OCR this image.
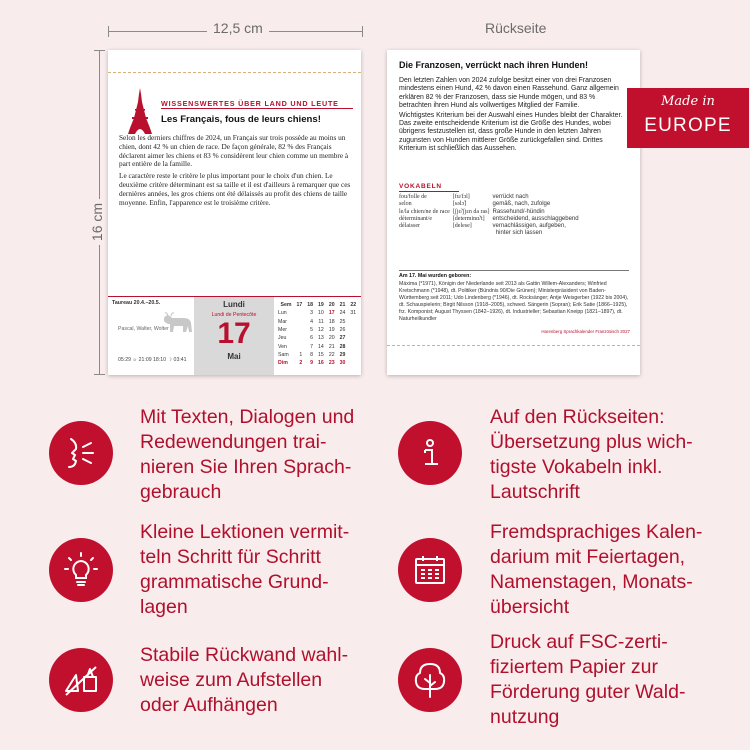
12,5 cm
16 cm
Rückseite
WISSENSWERTES ÜBER LAND UND LEUTE
Les Français, fous de leurs chiens!

Selon les derniers chiffres de 2024, un Français sur trois possède au moins un chien, dont 42 % un chien de race. De façon générale, 82 % des Français déclarent aimer les chiens et 83 % considèrent leur chien comme un membre à part entière de la famille.

Le caractère reste le critère le plus important pour le choix d'un chien. Le deuxième critère déterminant est sa taille et il est d'ailleurs à remarquer que ces dernières années, les gros chiens ont été délaissés au profit des chiens de taille moyenne. Enfin, l'apparence est le troisième critère.

Taureau 20.4.–20.5.
Pascal, Walter, Wolter
05:29 ☼ 21:09 18:10 ☽ 03:41
Lundi
Lundi de Pentecôte
17
Mai
Sem	17	18	19	20	21	22
Lun		3	10	17	24	31
Mar		4	11	18	25	
Mer		5	12	19	26	
Jeu		6	13	20	27	
Ven		7	14	21	28	
Sam	1	8	15	22	29	
Dim	2	9	16	23	30	
Die Franzosen, verrückt nach ihren Hunden!

Den letzten Zahlen von 2024 zufolge besitzt einer von drei Franzosen mindestens einen Hund, 42 % davon einen Rassehund. Ganz allgemein erklären 82 % der Franzosen, dass sie Hunde mögen, und 83 % betrachten ihren Hund als vollwertiges Mitglied der Familie.

Wichtigstes Kriterium bei der Auswahl eines Hundes bleibt der Charakter. Das zweite entscheidende Kriterium ist die Größe des Hundes, wobei übrigens festzustellen ist, dass große Hunde in den letzten Jahren zugunsten von Hunden mittlerer Größe zurückgefallen sind. Drittes Kriterium ist schließlich das Aussehen.

VOKABELN
fou/folle de	[fu/fɔl]	verrückt nach
selon	[səlɔ̃]	gemäß, nach, zufolge
le/la chien/ne de race	[ʃjɛ̃/ʃjɛn da ras]	Rassehund/-hündin
déterminant/e	[determinɑ̃/t]	entscheidend, ausschlaggebend
délaisser	[delese]	vernachlässigen, aufgeben,
		hinter sich lassen
Am 17. Mai wurden geboren:
Máxima (*1971), Königin der Niederlande seit 2013 als Gattin Willem-Alexanders; Winfried Kretschmann (*1948), dt. Politiker (Bündnis 90/Die Grünen); Ministerpräsident von Baden-Württemberg seit 2011; Udo Lindenberg (*1946), dt. Rocksänger; Antje Weisgerber (1922 bis 2004), dt. Schauspielerin; Birgit Nilsson (1918–2005), schwed. Sängerin (Sopran); Erik Satie (1866–1925), frz. Komponist; August Thyssen (1842–1926), dt. Industrieller; Sebastian Kneipp (1821–1897), dt. Naturheilkundler
Harenberg Sprachkalender Französisch 2027
Made in
EUROPE
Mit Texten, Dialogen und
Redewendungen trai-
nieren Sie Ihren Sprach-
gebrauch
Auf den Rückseiten:
Übersetzung plus wich-
tigste Vokabeln inkl.
Lautschrift
Kleine Lektionen vermit-
teln Schritt für Schritt
grammatische Grund-
lagen
Fremdsprachiges Kalen-
darium mit Feiertagen,
Namenstagen, Monats-
übersicht
Stabile Rückwand wahl-
weise zum Aufstellen
oder Aufhängen
Druck auf FSC-zerti-
fiziertem Papier zur
Förderung guter Wald-
nutzung
